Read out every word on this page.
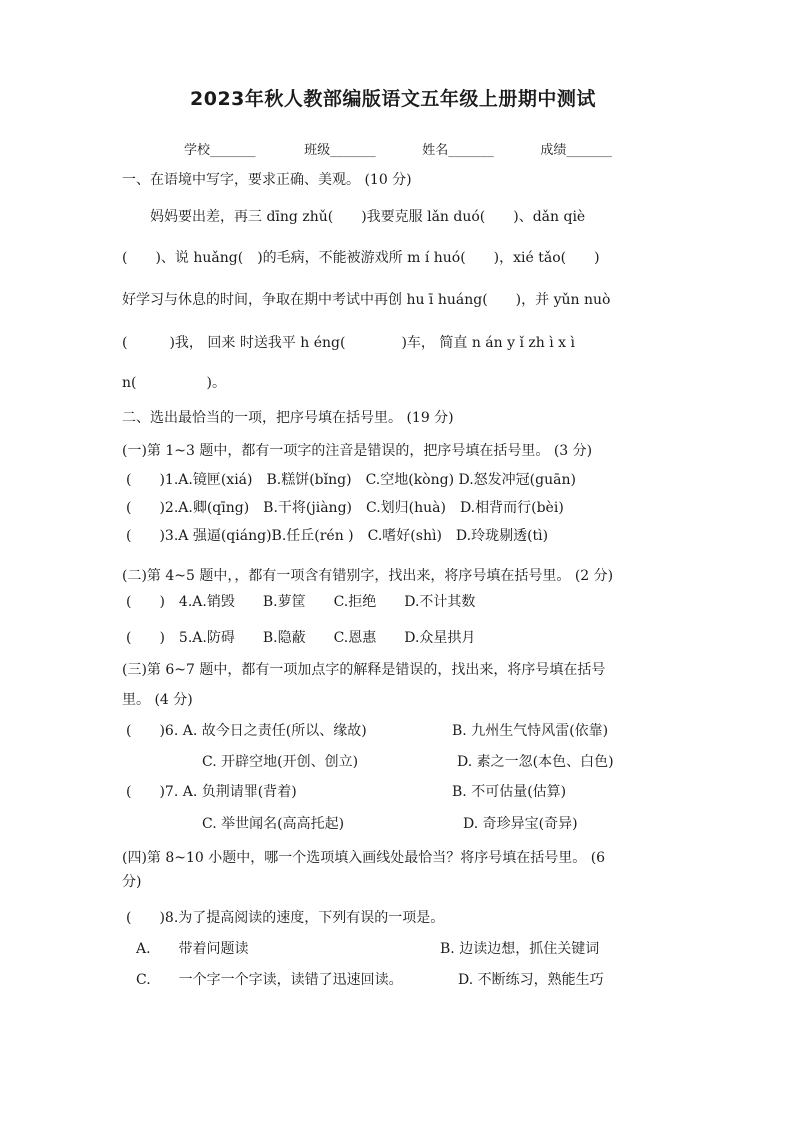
2023年秋人教部编版语文五年级上册期中测试
学校_______	班级_______	姓名_______	成绩_______
一、在语境中写字，要求正确、美观。 (10 分)
妈妈要出差，再三 dīng zhǔ(　　)我要克服 lǎn duó(　　)、dǎn qiè
(　　)、说 huǎng(　)的毛病，不能被游戏所 m í huó(　　)，xié tǎo(　　)
好学习与休息的时间，争取在期中考试中再创 hu ī huáng(　　)，并 yǔn nuò
(　　　)我， 回来 时送我平 h éng(　　　　)车， 简直 n án y ǐ zh ì x ì
n(　　　　　)。
二、选出最恰当的一项，把序号填在括号里。 (19 分)
(一)第 1~3 题中，都有一项字的注音是错误的，把序号填在括号里。 (3 分)
(　　)1.A.镜匣(xiá)　B.糕饼(bǐng)　C.空地(kòng) D.怒发冲冠(guān)
(　　)2.A.卿(qīng)　B.干将(jiàng)　C.划归(huà)　D.相背而行(bèi)
(　　)3.A 强逼(qiáng)B.任丘(rén )　C.嗜好(shì)　D.玲珑剔透(tì)
(二)第 4~5 题中，，都有一项含有错别字，找出来，将序号填在括号里。 (2 分)
(　　)　4.A.销毁　　B.萝筐　　C.拒绝　　D.不计其数
(　　)　5.A.防碍　　B.隐蔽　　C.恩惠　　D.众星拱月
(三)第 6~7 题中，都有一项加点字的解释是错误的，找出来，将序号填在括号
里。 (4 分)
(　　)6. A. 故今日之责任(所以、缘故)	B. 九州生气恃风雷(依靠)
C. 开辟空地(开创、创立)	D. 素之一忽(本色、白色)
(　　)7. A. 负荆请罪(背着)	B. 不可估量(估算)
C. 举世闻名(高高托起)	D. 奇珍异宝(奇异)
(四)第 8~10 小题中，哪一个选项填入画线处最恰当？将序号填在括号里。 (6
分)
(　　)8.为了提高阅读的速度，下列有误的一项是。
A.　　带着问题读	B. 边读边想，抓住关键词
C.　　一个字一个字读，读错了迅速回读。	D. 不断练习，熟能生巧
